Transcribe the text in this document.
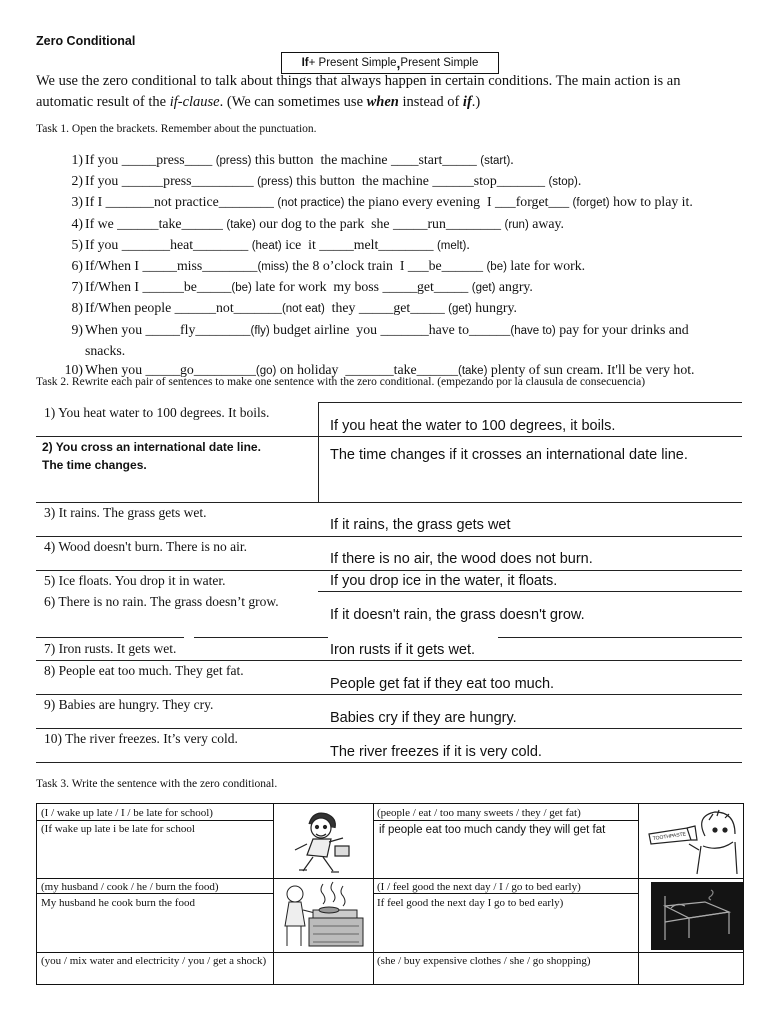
Zero Conditional
If + Present Simple , Present Simple
We use the zero conditional to talk about things that always happen in certain conditions. The main action is an automatic result of the if-clause. (We can sometimes use when instead of if.)
Task 1. Open the brackets. Remember about the punctuation.
1) If you _____press____ (press) this button  the machine ____start_____ (start).
2) If you ______press_________ (press) this button  the machine ______stop_______ (stop).
3) If I _______not practice________ (not practice) the piano every evening  I ___forget___ (forget) how to play it.
4) If we ______take______ (take) our dog to the park  she _____run________ (run) away.
5) If you _______heat________ (heat) ice  it _____melt________ (melt).
6) If/When I _____miss________(miss) the 8 o’clock train  I ___be______ (be) late for work.
7) If/When I ______be_____(be) late for work  my boss _____get_____ (get) angry.
8) If/When people ______not_______(not eat)  they _____get_____ (get) hungry.
9) When you _____fly________(fly) budget airline  you _______have to______(have to) pay for your drinks and snacks.
10) When you _____go_________(go) on holiday  _______take______(take) plenty of sun cream. It'll be very hot.
Task 2. Rewrite each pair of sentences to make one sentence with the zero conditional. (empezando por la clausula de consecuencia)
1) You heat water to 100 degrees. It boils.
If you heat the water to 100 degrees, it boils.
2) You cross an international date line.
The time changes.
The time changes if it crosses an international date line.
3) It rains. The grass gets wet.
If it rains, the grass gets wet
4) Wood doesn't burn. There is no air.
If there is no air, the wood does not burn.
5) Ice floats. You drop it in water.	If you drop ice in the water, it floats.
6) There is no rain. The grass doesn’t grow.
If it doesn't rain, the grass doesn't grow.
7) Iron rusts. It gets wet.	Iron rusts if it gets wet.
8) People eat too much. They get fat.
People get fat if they eat too much.
9) Babies are hungry. They cry.
Babies cry if they are hungry.
10) The river freezes. It’s very cold.
The river freezes if it is very cold.
Task 3. Write the sentence with the zero conditional.
(I / wake up late / I / be late for school)
(If wake up late i be late for school
(people / eat / too many sweets / they / get fat)
if people eat too much candy they will get fat
(my husband / cook / he / burn the food)
My husband he cook burn the food
(I / feel good the next day / I / go to bed early)
If feel good the next day I go to bed early)
(you / mix water and electricity / you / get a shock)	(she / buy expensive clothes / she / go shopping)
TOOTHPASTE
